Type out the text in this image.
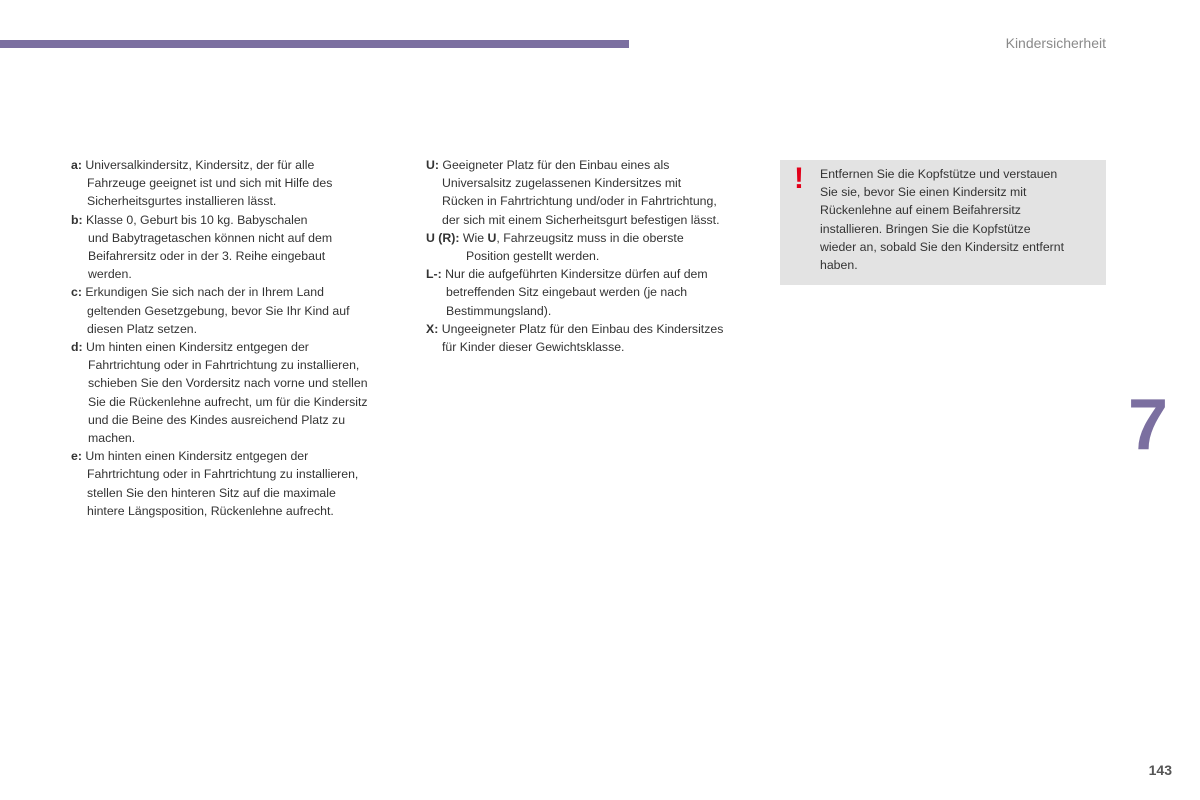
Kindersicherheit
a: Universalkindersitz, Kindersitz, der für alle
Fahrzeuge geeignet ist und sich mit Hilfe des
Sicherheitsgurtes installieren lässt.
b: Klasse 0, Geburt bis 10 kg. Babyschalen
und Babytragetaschen können nicht auf dem
Beifahrersitz oder in der 3. Reihe eingebaut
werden.
c: Erkundigen Sie sich nach der in Ihrem Land
geltenden Gesetzgebung, bevor Sie Ihr Kind auf
diesen Platz setzen.
d: Um hinten einen Kindersitz entgegen der
Fahrtrichtung oder in Fahrtrichtung zu installieren,
schieben Sie den Vordersitz nach vorne und stellen
Sie die Rückenlehne aufrecht, um für die Kindersitz
und die Beine des Kindes ausreichend Platz zu
machen.
e: Um hinten einen Kindersitz entgegen der
Fahrtrichtung oder in Fahrtrichtung zu installieren,
stellen Sie den hinteren Sitz auf die maximale
hintere Längsposition, Rückenlehne aufrecht.
U: Geeigneter Platz für den Einbau eines als
Universalsitz zugelassenen Kindersitzes mit
Rücken in Fahrtrichtung und/oder in Fahrtrichtung,
der sich mit einem Sicherheitsgurt befestigen lässt.
U (R): Wie U, Fahrzeugsitz muss in die oberste
Position gestellt werden.
L-: Nur die aufgeführten Kindersitze dürfen auf dem
betreffenden Sitz eingebaut werden (je nach
Bestimmungsland).
X: Ungeeigneter Platz für den Einbau des Kindersitzes
für Kinder dieser Gewichtsklasse.
!	Entfernen Sie die Kopfstütze und verstauen
Sie sie, bevor Sie einen Kindersitz mit
Rückenlehne auf einem Beifahrersitz
installieren. Bringen Sie die Kopfstütze
wieder an, sobald Sie den Kindersitz entfernt
haben.
7
143
